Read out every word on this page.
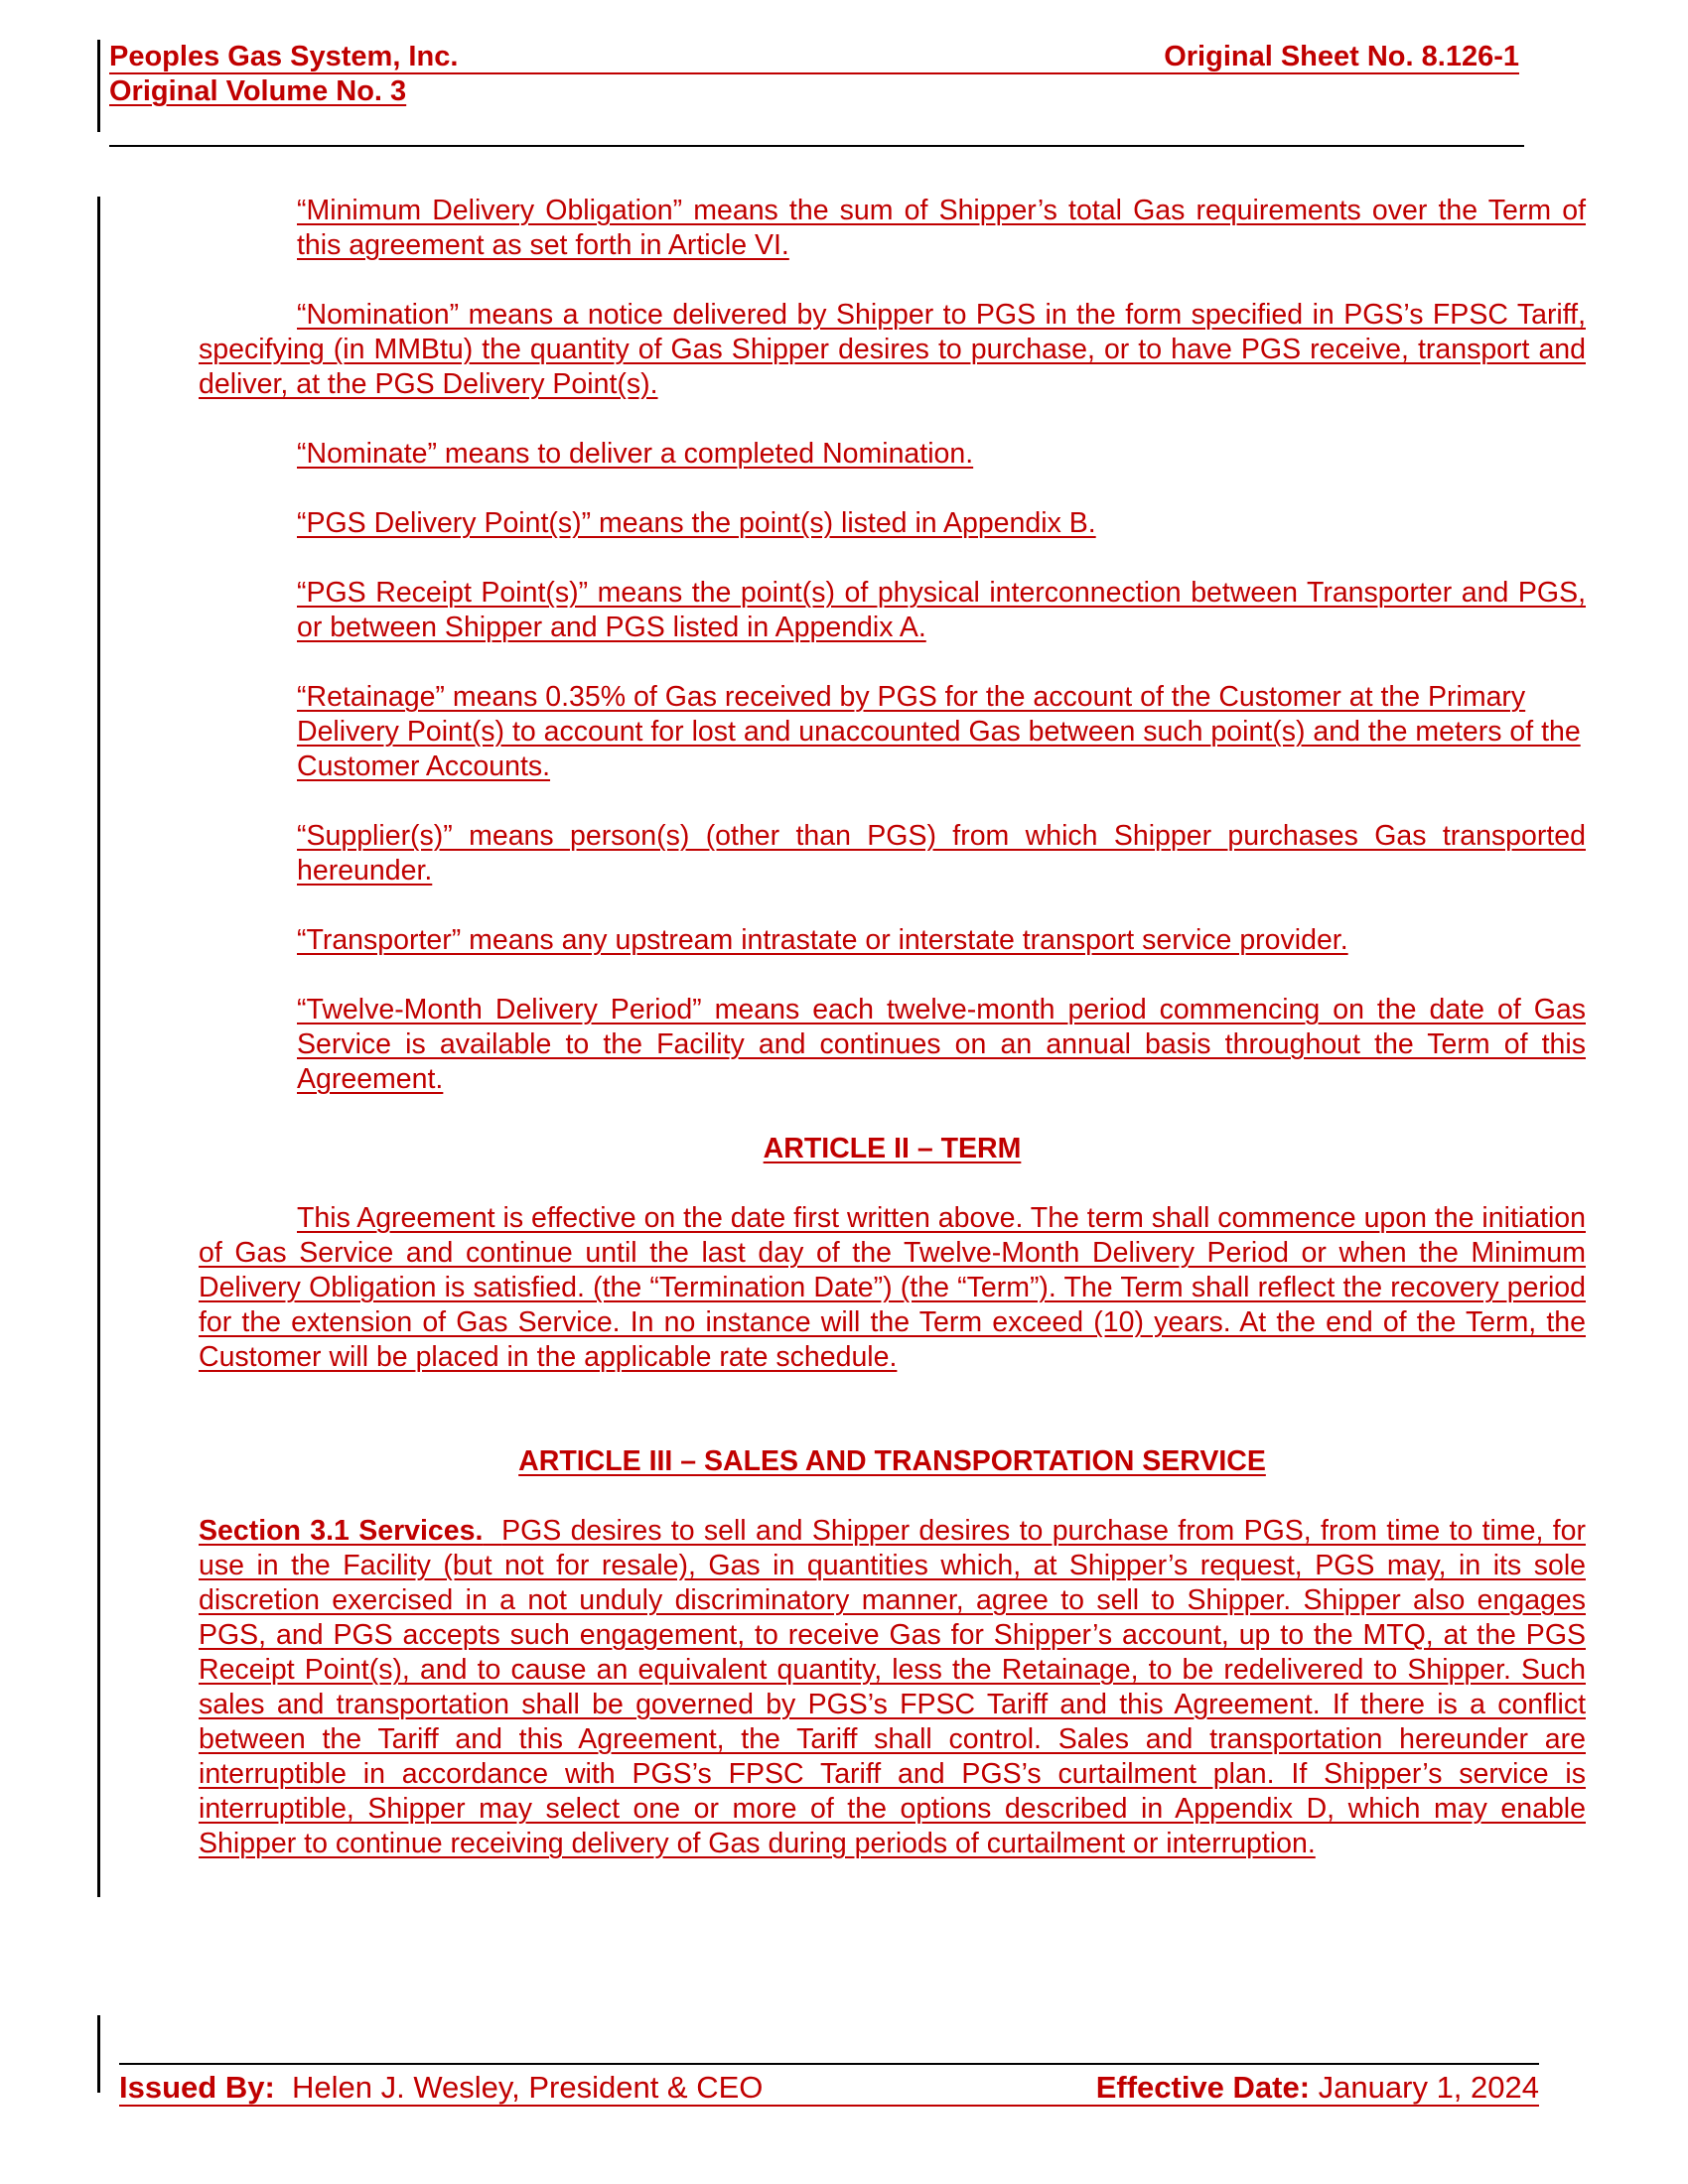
Peoples Gas System, Inc.	Original Sheet No. 8.126-1
Original Volume No. 3

“Minimum Delivery Obligation” means the sum of Shipper’s total Gas requirements over the Term of this agreement as set forth in Article VI.

“Nomination” means a notice delivered by Shipper to PGS in the form specified in PGS’s FPSC Tariff, specifying (in MMBtu) the quantity of Gas Shipper desires to purchase, or to have PGS receive, transport and deliver, at the PGS Delivery Point(s).

“Nominate” means to deliver a completed Nomination.

“PGS Delivery Point(s)” means the point(s) listed in Appendix B.

“PGS Receipt Point(s)” means the point(s) of physical interconnection between Transporter and PGS, or between Shipper and PGS listed in Appendix A.

“Retainage” means 0.35% of Gas received by PGS for the account of the Customer at the Primary Delivery Point(s) to account for lost and unaccounted Gas between such point(s) and the meters of the Customer Accounts.

“Supplier(s)” means person(s) (other than PGS) from which Shipper purchases Gas transported hereunder.

“Transporter” means any upstream intrastate or interstate transport service provider.

“Twelve-Month Delivery Period” means each twelve-month period commencing on the date of Gas Service is available to the Facility and continues on an annual basis throughout the Term of this Agreement.

ARTICLE II – TERM

This Agreement is effective on the date first written above. The term shall commence upon the initiation of Gas Service and continue until the last day of the Twelve-Month Delivery Period or when the Minimum Delivery Obligation is satisfied. (the “Termination Date”) (the “Term”). The Term shall reflect the recovery period for the extension of Gas Service. In no instance will the Term exceed (10) years. At the end of the Term, the Customer will be placed in the applicable rate schedule.

ARTICLE III – SALES AND TRANSPORTATION SERVICE

Section 3.1 Services. PGS desires to sell and Shipper desires to purchase from PGS, from time to time, for use in the Facility (but not for resale), Gas in quantities which, at Shipper’s request, PGS may, in its sole discretion exercised in a not unduly discriminatory manner, agree to sell to Shipper. Shipper also engages PGS, and PGS accepts such engagement, to receive Gas for Shipper’s account, up to the MTQ, at the PGS Receipt Point(s), and to cause an equivalent quantity, less the Retainage, to be redelivered to Shipper. Such sales and transportation shall be governed by PGS’s FPSC Tariff and this Agreement. If there is a conflict between the Tariff and this Agreement, the Tariff shall control. Sales and transportation hereunder are interruptible in accordance with PGS’s FPSC Tariff and PGS’s curtailment plan. If Shipper’s service is interruptible, Shipper may select one or more of the options described in Appendix D, which may enable Shipper to continue receiving delivery of Gas during periods of curtailment or interruption.

Issued By: Helen J. Wesley, President & CEO	Effective Date: January 1, 2024
